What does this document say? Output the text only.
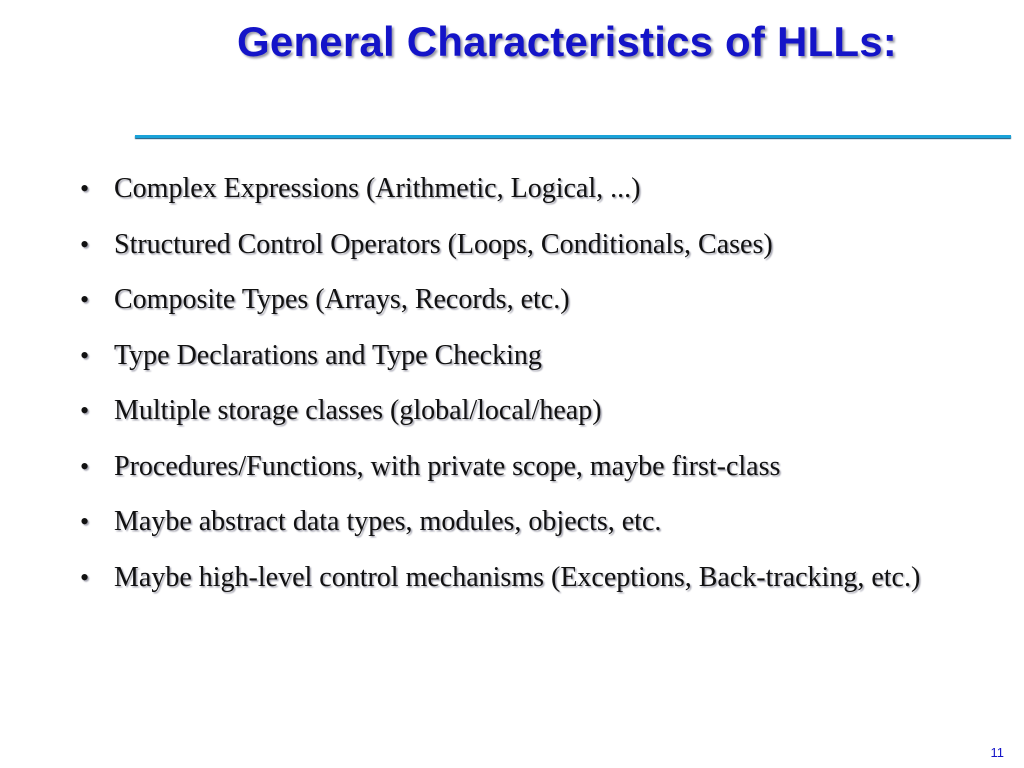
General Characteristics of HLLs:
• Complex Expressions (Arithmetic, Logical, ...)
• Structured Control Operators (Loops, Conditionals, Cases)
• Composite Types (Arrays, Records, etc.)
• Type Declarations and Type Checking
• Multiple storage classes (global/local/heap)
• Procedures/Functions, with private scope, maybe first-class
• Maybe abstract data types, modules, objects, etc.
• Maybe high-level control mechanisms (Exceptions, Back-tracking, etc.)
11
